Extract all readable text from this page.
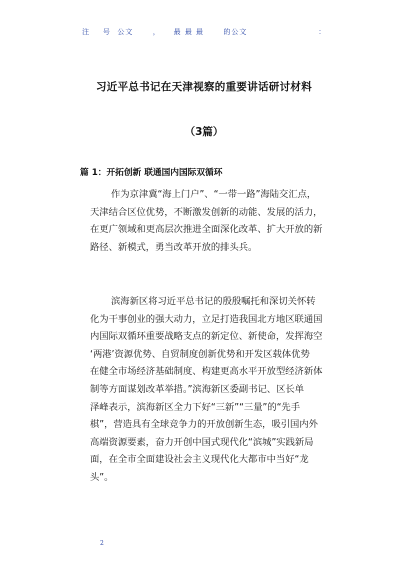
注    号  公文      ，    最 最 最      的公文                      ：
习近平总书记在天津视察的重要讲话研讨材料
（3篇）
篇 1：开拓创新 联通国内国际双循环
作为京津冀“海上门户”、“一带一路”海陆交汇点，
天津结合区位优势，不断激发创新的动能、发展的活力，
在更广领域和更高层次推进全面深化改革、扩大开放的新
路径、新模式，勇当改革开放的排头兵。
滨海新区将习近平总书记的殷殷嘱托和深切关怀转
化为干事创业的强大动力，立足打造我国北方地区联通国
内国际双循环重要战略支点的新定位、新使命，发挥海空
‘两港’资源优势、自贸制度创新优势和开发区载体优势
在健全市场经济基础制度、构建更高水平开放型经济新体
制等方面谋划改革举措。”滨海新区委副书记、区长单
泽峰表示，滨海新区全力下好“三新”“三量”的“先手
棋”，营造具有全球竞争力的开放创新生态，吸引国内外
高端资源要素，奋力开创中国式现代化“滨城”实践新局
面，在全市全面建设社会主义现代化大都市中当好“龙
头”。
2
